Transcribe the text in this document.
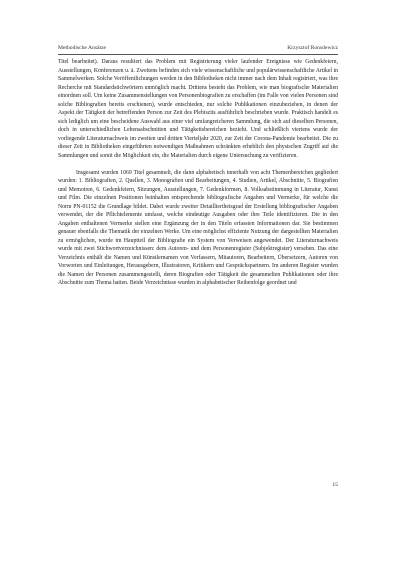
Methodische Ansätze	Krzysztof Ronsdewicz

Titel bearbeitet). Daraus resultiert das Problem mit Registrierung vieler laufender Ereignisse wie Gedenkfeiern, Ausstellungen, Konferenzen u. ä. Zweitens befinden sich viele wissenschaftliche und populärwissenschaftliche Artikel in Sammelwerken. Solche Veröffentlichungen werden in den Bibliotheken nicht immer nach dem Inhalt registriert, was ihre Recherche mit Standardstichwörtern unmöglich macht. Drittens besteht das Problem, wie man biografische Materialien einordnen soll. Um keine Zusammenstellungen von Personenbiografien zu erschaffen (im Falle von vielen Personen sind solche Bibliografien bereits erschienen), wurde entschieden, nur solche Publikationen einzubeziehen, in denen der Aspekt der Tätigkeit der betreffenden Person zur Zeit des Plebiszits ausführlich beschrieben wurde. Praktisch handelt es sich lediglich um eine bescheidene Auswahl aus einer viel umfangreicheren Sammlung, die sich auf dieselben Personen, doch in unterschiedlichen Lebensabschnitten und Tätigkeitsbereichen bezieht. Und schließlich viertens wurde der vorliegende Literaturnachweis im zweiten und dritten Vierteljahr 2020, zur Zeit der Corona-Pandemie bearbeitet. Die zu dieser Zeit in Bibliotheken eingeführten notwendigen Maßnahmen schränkten erheblich den physischen Zugriff auf die Sammlungen und somit die Möglichkeit ein, die Materialien durch eigene Untersuchung zu verifizieren.

Insgesamt wurden 1069 Titel gesammelt, die dann alphabetisch innerhalb von acht Themenbereichen gegliedert wurden: 1. Bibliografien, 2. Quellen, 3. Monografien und Bearbeitungen, 4. Studien, Artikel, Abschnitte, 5. Biografien und Memoiren, 6. Gedenkfeiern, Sitzungen, Ausstellungen, 7. Gedenkformen, 8. Volksabstimmung in Literatur, Kunst und Film. Die einzelnen Positionen beinhalten entsprechende bibliografische Angaben und Vermerke, für welche die Norm PN-01152 die Grundlage bildet. Dabei wurde zweiter Detaillierthetsgrad der Erstellung bibliografischer Angaben verwendet, der die Pflichtelemente umfasst, welche eindeutige Ausgaben oder ihre Teile identifizieren. Die in den Angaben enthaltenen Vermerke stellen eine Ergänzung der in den Titeln erfassten Informationen dar. Sie bestimmen genauer ebenfalls die Thematik der einzelnen Werke. Um eine möglichst effiziente Nutzung der dargestellten Materialien zu ermöglichen, wurde im Hauptteil der Bibliografie ein System von Verweisen angewendet. Der Literaturnachweis wurde mit zwei Stichwortverzeichnissen: dem Autoren- und dem Personenregister (Subjektregister) versehen. Das eine Verzeichnis enthält die Namen und Künstlernamen von Verfassern, Mitautoren, Bearbeitern, Übersetzern, Autoren von Vorworten und Einleitungen, Herausgebern, Illustratoren, Kritikern und Gesprächspartnern. Im anderen Register wurden die Namen der Personen zusammengestellt, deren Biografien oder Tätigkeit die gesammelten Publikationen oder ihre Abschnitte zum Thema hatten. Beide Verzeichnisse wurden in alphabetischer Reihenfolge geordnet und

15
